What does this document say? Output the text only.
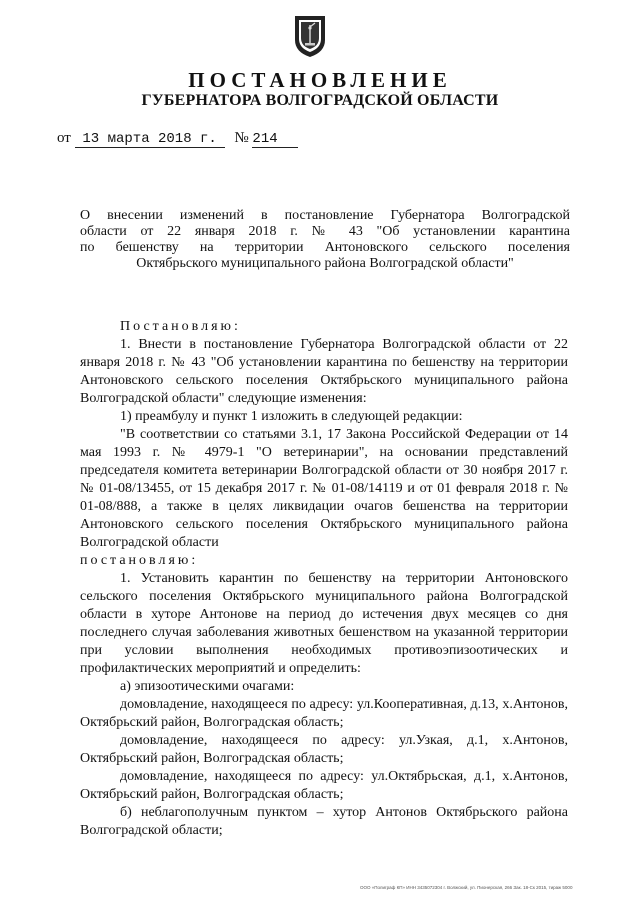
ПОСТАНОВЛЕНИЕ
ГУБЕРНАТОРА ВОЛГОГРАДСКОЙ ОБЛАСТИ
от 13 марта 2018 г. № 214
О внесении изменений в постановление Губернатора Волгоградской
области от 22 января 2018 г. № 43 "Об установлении карантина
по бешенству на территории Антоновского сельского поселения
Октябрьского муниципального района Волгоградской области"

Постановляю:

1. Внести в постановление Губернатора Волгоградской области от 22 января 2018 г. № 43 "Об установлении карантина по бешенству на территории Антоновского сельского поселения Октябрьского муниципального района Волгоградской области" следующие изменения:

1) преамбулу и пункт 1 изложить в следующей редакции:

"В соответствии со статьями 3.1, 17 Закона Российской Федерации от 14 мая 1993 г. № 4979-1 "О ветеринарии", на основании представлений председателя комитета ветеринарии Волгоградской области от 30 ноября 2017 г. № 01-08/13455, от 15 декабря 2017 г. № 01-08/14119 и от 01 февраля 2018 г. № 01-08/888, а также в целях ликвидации очагов бешенства на территории Антоновского сельского поселения Октябрьского муниципального района Волгоградской области

постановляю:

1. Установить карантин по бешенству на территории Антоновского сельского поселения Октябрьского муниципального района Волгоградской области в хуторе Антонове на период до истечения двух месяцев со дня последнего случая заболевания животных бешенством на указанной территории при условии выполнения необходимых противоэпизоотических и профилактических мероприятий и определить:

а) эпизоотическими очагами:

домовладение, находящееся по адресу: ул.Кооперативная, д.13, х.Антонов, Октябрьский район, Волгоградская область;

домовладение, находящееся по адресу: ул.Узкая, д.1, х.Антонов, Октябрьский район, Волгоградская область;

домовладение, находящееся по адресу: ул.Октябрьская, д.1, х.Антонов, Октябрьский район, Волгоградская область;

б) неблагополучным пунктом – хутор Антонов Октябрьского района Волгоградской области;

ООО «Полиграф КП» ИНН 3435072304 г. Волжский, ул. Пионерская, 266 Зак. 18-Ск 2015, тираж 5000
